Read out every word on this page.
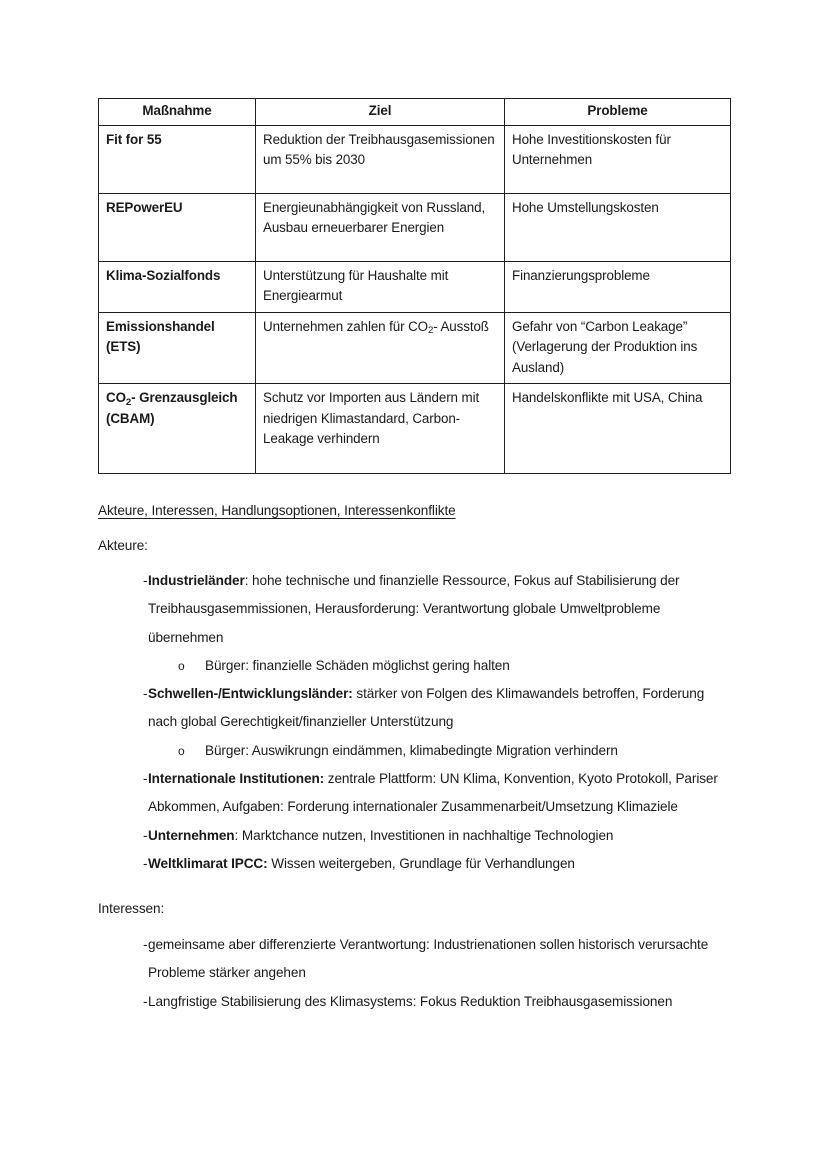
Maßnahme	Ziel	Probleme
Fit for 55	Reduktion der Treibhausgasemissionen um 55% bis 2030	Hohe Investitionskosten für Unternehmen
REPowerEU	Energieunabhängigkeit von Russland, Ausbau erneuerbarer Energien	Hohe Umstellungskosten
Klima-Sozialfonds	Unterstützung für Haushalte mit Energiearmut	Finanzierungsprobleme
Emissionshandel (ETS)	Unternehmen zahlen für $CO_2-$ Ausstoß	Gefahr von “Carbon Leakage” (Verlagerung der Produktion ins Ausland)
$CO_2-$ Grenzausgleich (CBAM)	Schutz vor Importen aus Ländern mit niedrigen Klimastandard, Carbon-Leakage verhindern	Handelskonflikte mit USA, China
Akteure, Interessen, Handlungsoptionen, Interessenkonflikte
Akteure:
- Industrieländer: hohe technische und finanzielle Ressource, Fokus auf Stabilisierung der Treibhausgasemmissionen, Herausforderung: Verantwortung globale Umweltprobleme übernehmen
o	Bürger: finanzielle Schäden möglichst gering halten
- Schwellen-/Entwicklungsländer: stärker von Folgen des Klimawandels betroffen, Forderung nach global Gerechtigkeit/finanzieller Unterstützung
o	Bürger: Auswikrungn eindämmen, klimabedingte Migration verhindern
- Internationale Institutionen: zentrale Plattform: UN Klima, Konvention, Kyoto Protokoll, Pariser Abkommen, Aufgaben: Forderung internationaler Zusammenarbeit/Umsetzung Klimaziele
- Unternehmen: Marktchance nutzen, Investitionen in nachhaltige Technologien
- Weltklimarat IPCC: Wissen weitergeben, Grundlage für Verhandlungen
Interessen:
- gemeinsame aber differenzierte Verantwortung: Industrienationen sollen historisch verursachte Probleme stärker angehen
- Langfristige Stabilisierung des Klimasystems: Fokus Reduktion Treibhausgasemissionen
